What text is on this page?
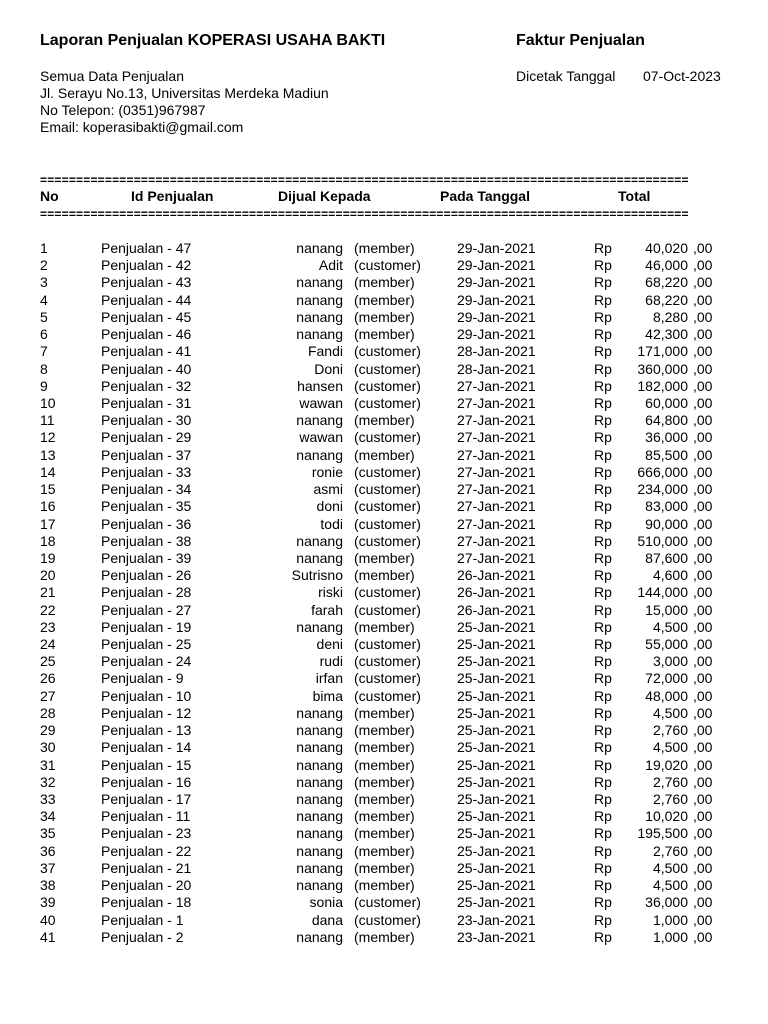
Laporan Penjualan KOPERASI USAHA BAKTI	Faktur Penjualan
Semua Data Penjualan
Jl. Serayu No.13, Universitas Merdeka Madiun
No Telepon: (0351)967987
Email: koperasibakti@gmail.com
Dicetak Tanggal 07-Oct-2023
==========================================================================================
No	Id Penjualan	Dijual Kepada	Pada Tanggal	Total
==========================================================================================
1	Penjualan - 47	nanang (member)	29-Jan-2021	Rp 40,020 ,00
2	Penjualan - 42	Adit (customer)	29-Jan-2021	Rp 46,000 ,00
3	Penjualan - 43	nanang (member)	29-Jan-2021	Rp 68,220 ,00
4	Penjualan - 44	nanang (member)	29-Jan-2021	Rp 68,220 ,00
5	Penjualan - 45	nanang (member)	29-Jan-2021	Rp	8,280 ,00
6	Penjualan - 46	nanang (member)	29-Jan-2021	Rp 42,300 ,00
7	Penjualan - 41	Fandi (customer)	28-Jan-2021	Rp 171,000 ,00
8	Penjualan - 40	Doni (customer)	28-Jan-2021	Rp 360,000 ,00
9	Penjualan - 32	hansen (customer)	27-Jan-2021	Rp 182,000 ,00
10	Penjualan - 31	wawan (customer)	27-Jan-2021	Rp 60,000 ,00
11	Penjualan - 30	nanang (member)	27-Jan-2021	Rp 64,800 ,00
12	Penjualan - 29	wawan (customer)	27-Jan-2021	Rp 36,000 ,00
13	Penjualan - 37	nanang (member)	27-Jan-2021	Rp 85,500 ,00
14	Penjualan - 33	ronie (customer)	27-Jan-2021	Rp 666,000 ,00
15	Penjualan - 34	asmi (customer)	27-Jan-2021	Rp 234,000 ,00
16	Penjualan - 35	doni (customer)	27-Jan-2021	Rp 83,000 ,00
17	Penjualan - 36	todi (customer)	27-Jan-2021	Rp 90,000 ,00
18	Penjualan - 38	nanang (customer)	27-Jan-2021	Rp 510,000 ,00
19	Penjualan - 39	nanang (member)	27-Jan-2021	Rp 87,600 ,00
20	Penjualan - 26	Sutrisno (member)	26-Jan-2021	Rp	4,600 ,00
21	Penjualan - 28	riski (customer)	26-Jan-2021	Rp 144,000 ,00
22	Penjualan - 27	farah (customer)	26-Jan-2021	Rp 15,000 ,00
23	Penjualan - 19	nanang (member)	25-Jan-2021	Rp	4,500 ,00
24	Penjualan - 25	deni (customer)	25-Jan-2021	Rp 55,000 ,00
25	Penjualan - 24	rudi (customer)	25-Jan-2021	Rp	3,000 ,00
26	Penjualan - 9	irfan (customer)	25-Jan-2021	Rp 72,000 ,00
27	Penjualan - 10	bima (customer)	25-Jan-2021	Rp 48,000 ,00
28	Penjualan - 12	nanang (member)	25-Jan-2021	Rp	4,500 ,00
29	Penjualan - 13	nanang (member)	25-Jan-2021	Rp	2,760 ,00
30	Penjualan - 14	nanang (member)	25-Jan-2021	Rp	4,500 ,00
31	Penjualan - 15	nanang (member)	25-Jan-2021	Rp 19,020 ,00
32	Penjualan - 16	nanang (member)	25-Jan-2021	Rp	2,760 ,00
33	Penjualan - 17	nanang (member)	25-Jan-2021	Rp	2,760 ,00
34	Penjualan - 11	nanang (member)	25-Jan-2021	Rp 10,020 ,00
35	Penjualan - 23	nanang (member)	25-Jan-2021	Rp 195,500 ,00
36	Penjualan - 22	nanang (member)	25-Jan-2021	Rp	2,760 ,00
37	Penjualan - 21	nanang (member)	25-Jan-2021	Rp	4,500 ,00
38	Penjualan - 20	nanang (member)	25-Jan-2021	Rp	4,500 ,00
39	Penjualan - 18	sonia (customer)	25-Jan-2021	Rp 36,000 ,00
40	Penjualan - 1	dana (customer)	23-Jan-2021	Rp	1,000 ,00
41	Penjualan - 2	nanang (member)	23-Jan-2021	Rp	1,000 ,00
